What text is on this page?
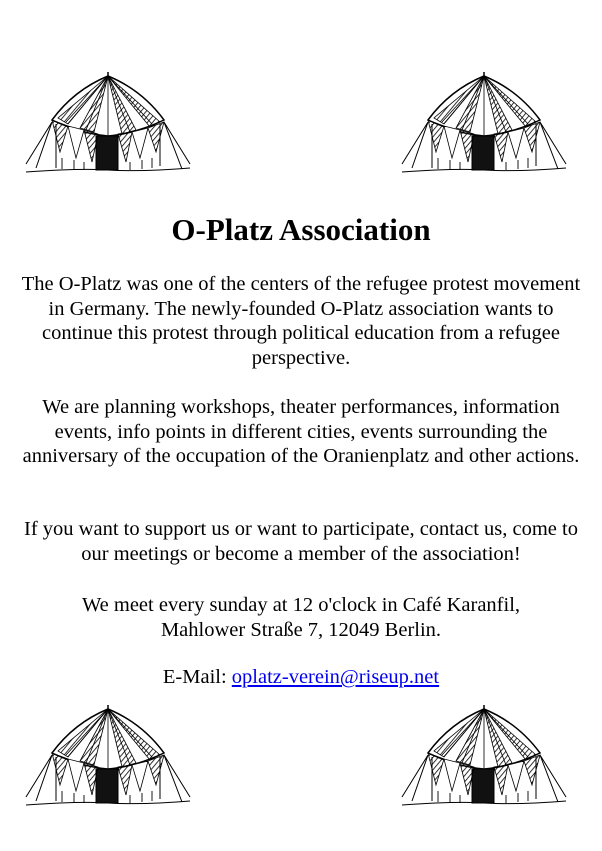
O-Platz Association

The O-Platz was one of the centers of the refugee protest movement in Germany. The newly-founded O-Platz association wants to continue this protest through political education from a refugee perspective.

We are planning workshops, theater performances, information events, info points in different cities, events surrounding the anniversary of the occupation of the Oranienplatz and other actions.

If you want to support us or want to participate, contact us, come to our meetings or become a member of the association!

We meet every sunday at 12 o'clock in Café Karanfil,
Mahlower Straße 7, 12049 Berlin.

E-Mail: oplatz-verein@riseup.net
